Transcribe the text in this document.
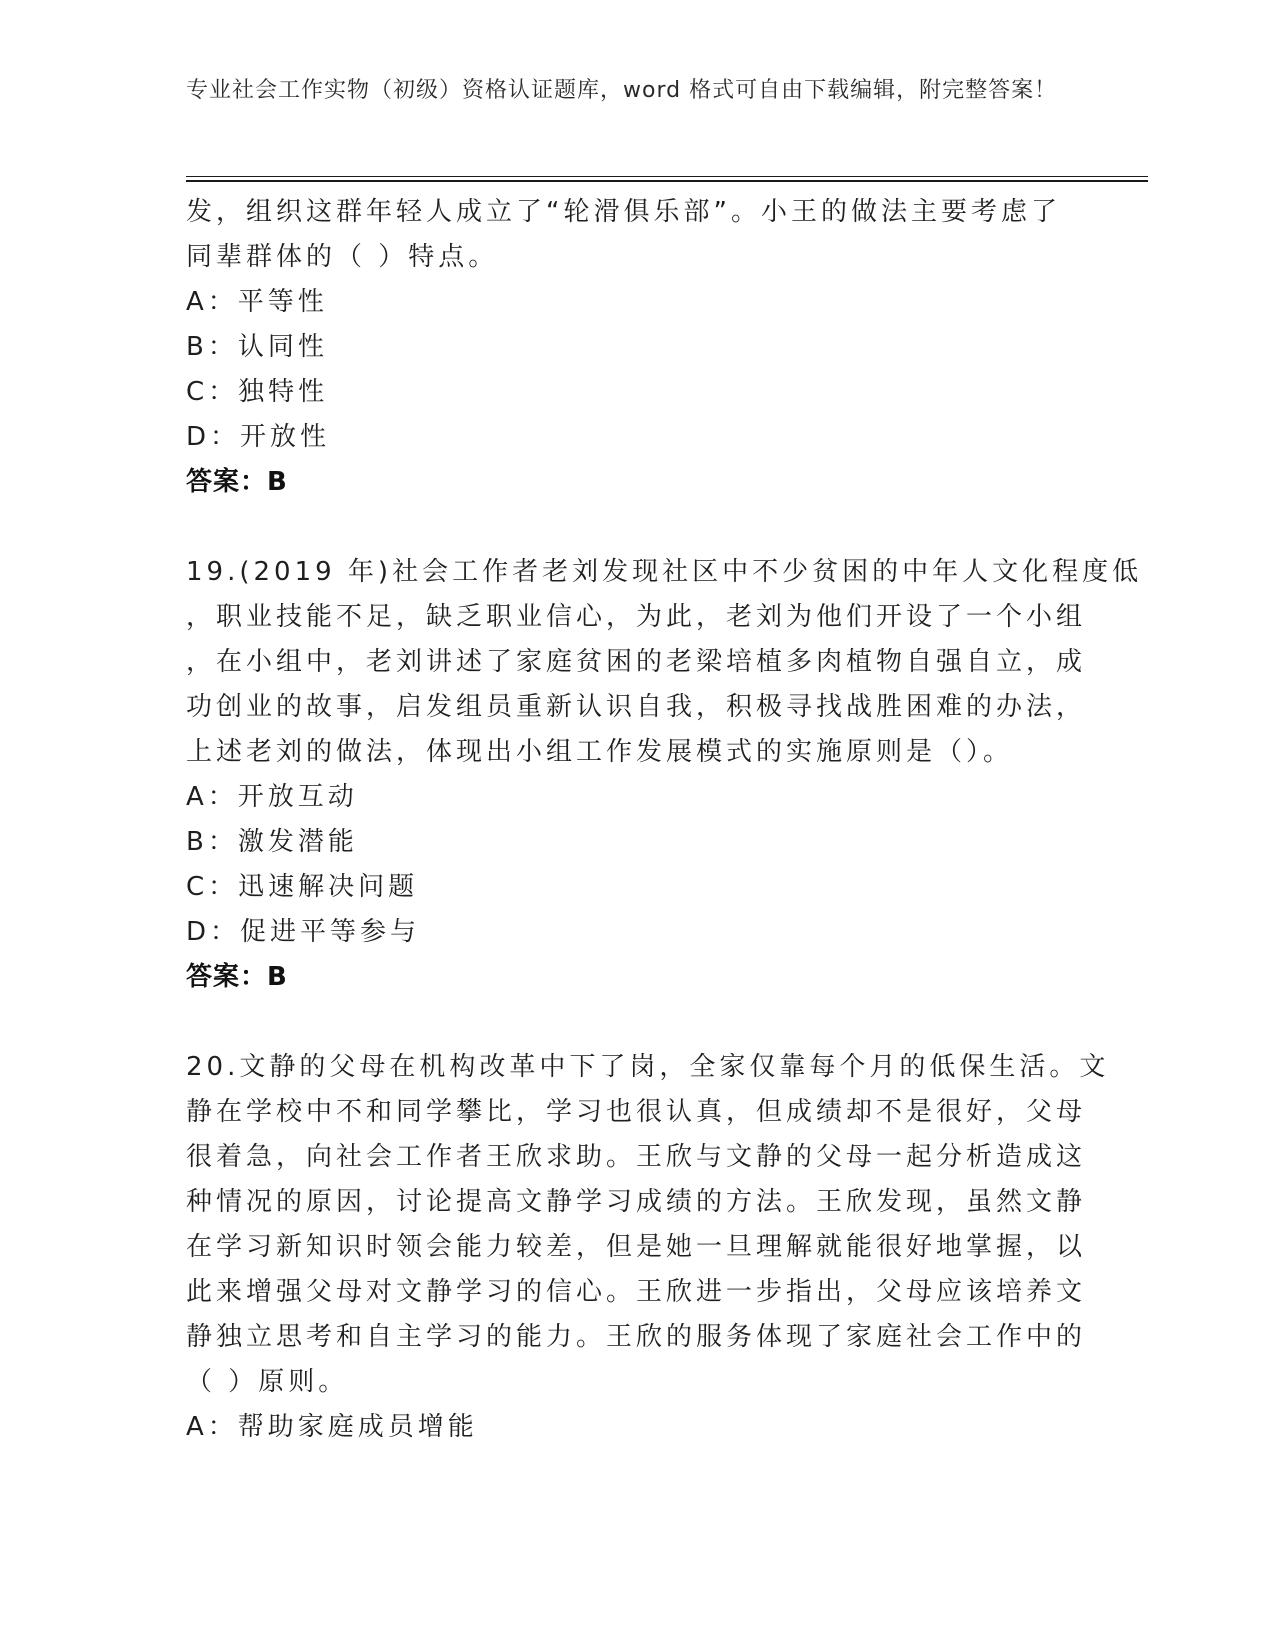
专业社会工作实物（初级）资格认证题库，word 格式可自由下载编辑，附完整答案！
发，组织这群年轻人成立了“轮滑俱乐部”。小王的做法主要考虑了
同辈群体的（ ）特点。
A：平等性
B：认同性
C：独特性
D：开放性
答案：B
19.(2019 年)社会工作者老刘发现社区中不少贫困的中年人文化程度低
，职业技能不足，缺乏职业信心，为此，老刘为他们开设了一个小组
，在小组中，老刘讲述了家庭贫困的老梁培植多肉植物自强自立，成
功创业的故事，启发组员重新认识自我，积极寻找战胜困难的办法，
上述老刘的做法，体现出小组工作发展模式的实施原则是（）。
A：开放互动
B：激发潜能
C：迅速解决问题
D：促进平等参与
答案：B
20.文静的父母在机构改革中下了岗，全家仅靠每个月的低保生活。文
静在学校中不和同学攀比，学习也很认真，但成绩却不是很好，父母
很着急，向社会工作者王欣求助。王欣与文静的父母一起分析造成这
种情况的原因，讨论提高文静学习成绩的方法。王欣发现，虽然文静
在学习新知识时领会能力较差，但是她一旦理解就能很好地掌握，以
此来增强父母对文静学习的信心。王欣进一步指出，父母应该培养文
静独立思考和自主学习的能力。王欣的服务体现了家庭社会工作中的
（ ）原则。
A：帮助家庭成员增能
